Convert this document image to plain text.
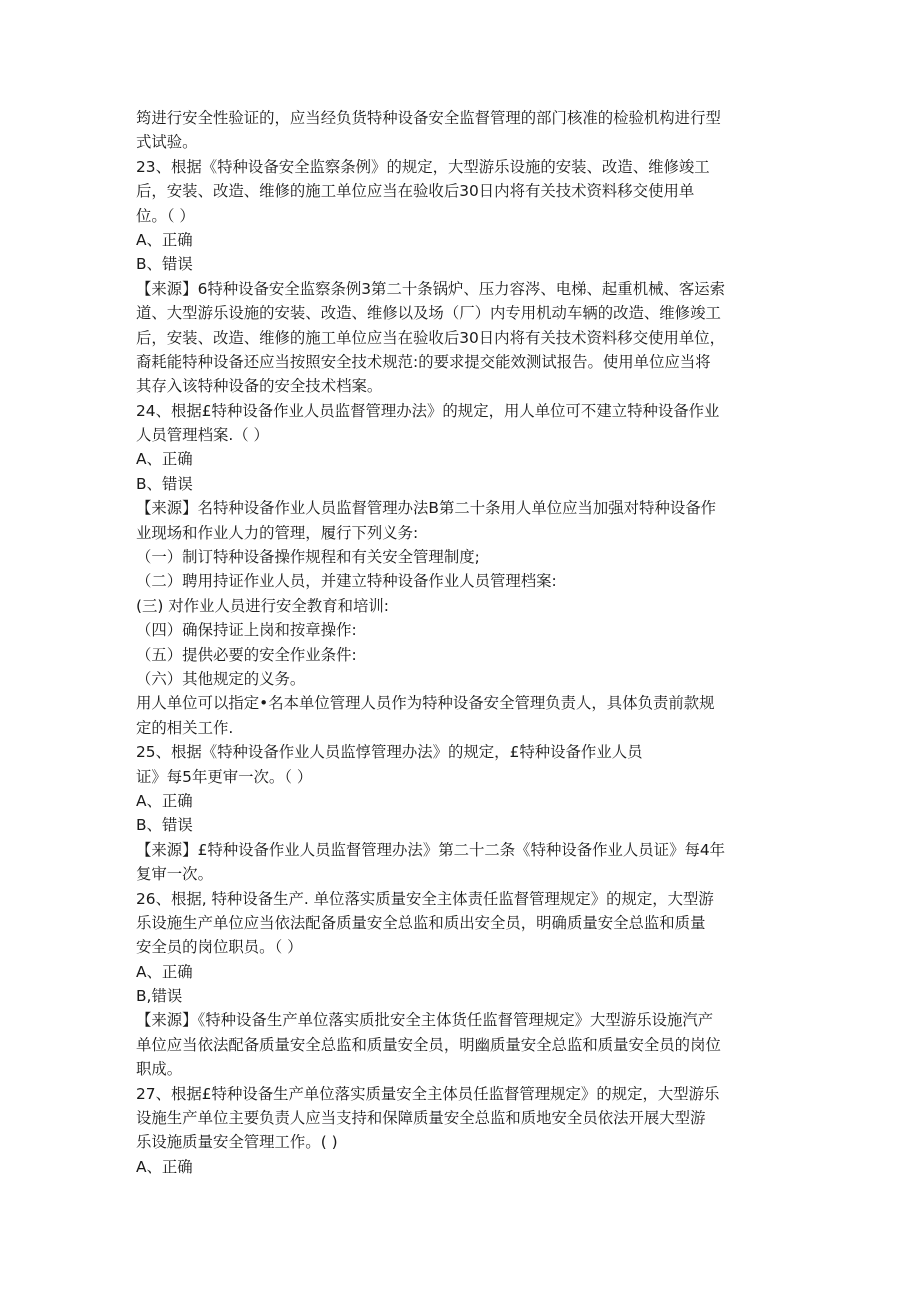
筠进行安全性验证的，应当经负货特种设备安全监督管理的部门核准的检验机构进行型
式试验。
23、根据《特种设备安全监察条例》的规定，大型游乐设施的安装、改造、维修竣工
后，安装、改造、维修的施工单位应当在验收后30日内将有关技术资料移交使用单
位。（ ）
A、正确
B、错误
【来源】6特种设备安全监察条例3第二十条锅炉、压力容涔、电梯、起重机械、客运索
道、大型游乐设施的安装、改造、维修以及场（厂）内专用机动车辆的改造、维修竣工
后，安装、改造、维修的施工单位应当在验收后30日内将有关技术资料移交使用单位，
裔耗能特种设备还应当按照安全技术规范:的要求提交能效测试报告。使用单位应当将
其存入该特种设备的安全技术档案。
24、根据£特种设备作业人员监督管理办法》的规定，用人单位可不建立特种设备作业
人员管理档案.（ ）
A、正确
B、错误
【来源】名特种设备作业人员监督管理办法B第二十条用人单位应当加强对特种设备作
业现场和作业人力的管理，履行下列义务:
（一）制订特种设备操作规程和有关安全管理制度;
（二）聘用持证作业人员，并建立特种设备作业人员管理档案:
(三) 对作业人员进行安全教育和培训:
（四）确保持证上岗和按章操作:
（五）提供必要的安全作业条件:
（六）其他规定的义务。
用人单位可以指定•名本单位管理人员作为特种设备安全管理负责人，具体负责前款规
定的相关工作.
25、根据《特种设备作业人员监惇管理办法》的规定，£特种设备作业人员
证》每5年更审一次。（ ）
A、正确
B、错误
【来源】£特种设备作业人员监督管理办法》第二十二条《特种设备作业人员证》每4年
复审一次。
26、根据, 特种设备生产. 单位落实质量安全主体责任监督管理规定》的规定，大型游
乐设施生产单位应当依法配备质量安全总监和质出安全员，明确质量安全总监和质量
安全员的岗位职员。（ ）
A、正确
B,错误
【来源】《特种设备生产单位落实质批安全主体货任监督管理规定》大型游乐设施汽产
单位应当依法配备质量安全总监和质量安全员，明幽质量安全总监和质量安全员的岗位
职成。
27、根据£特种设备生产单位落实质量安全主体员任监督管理规定》的规定，大型游乐
设施生产单位主要负责人应当支持和保障质量安全总监和质地安全员依法开展大型游
乐设施质量安全管理工作。( )
A、正确
